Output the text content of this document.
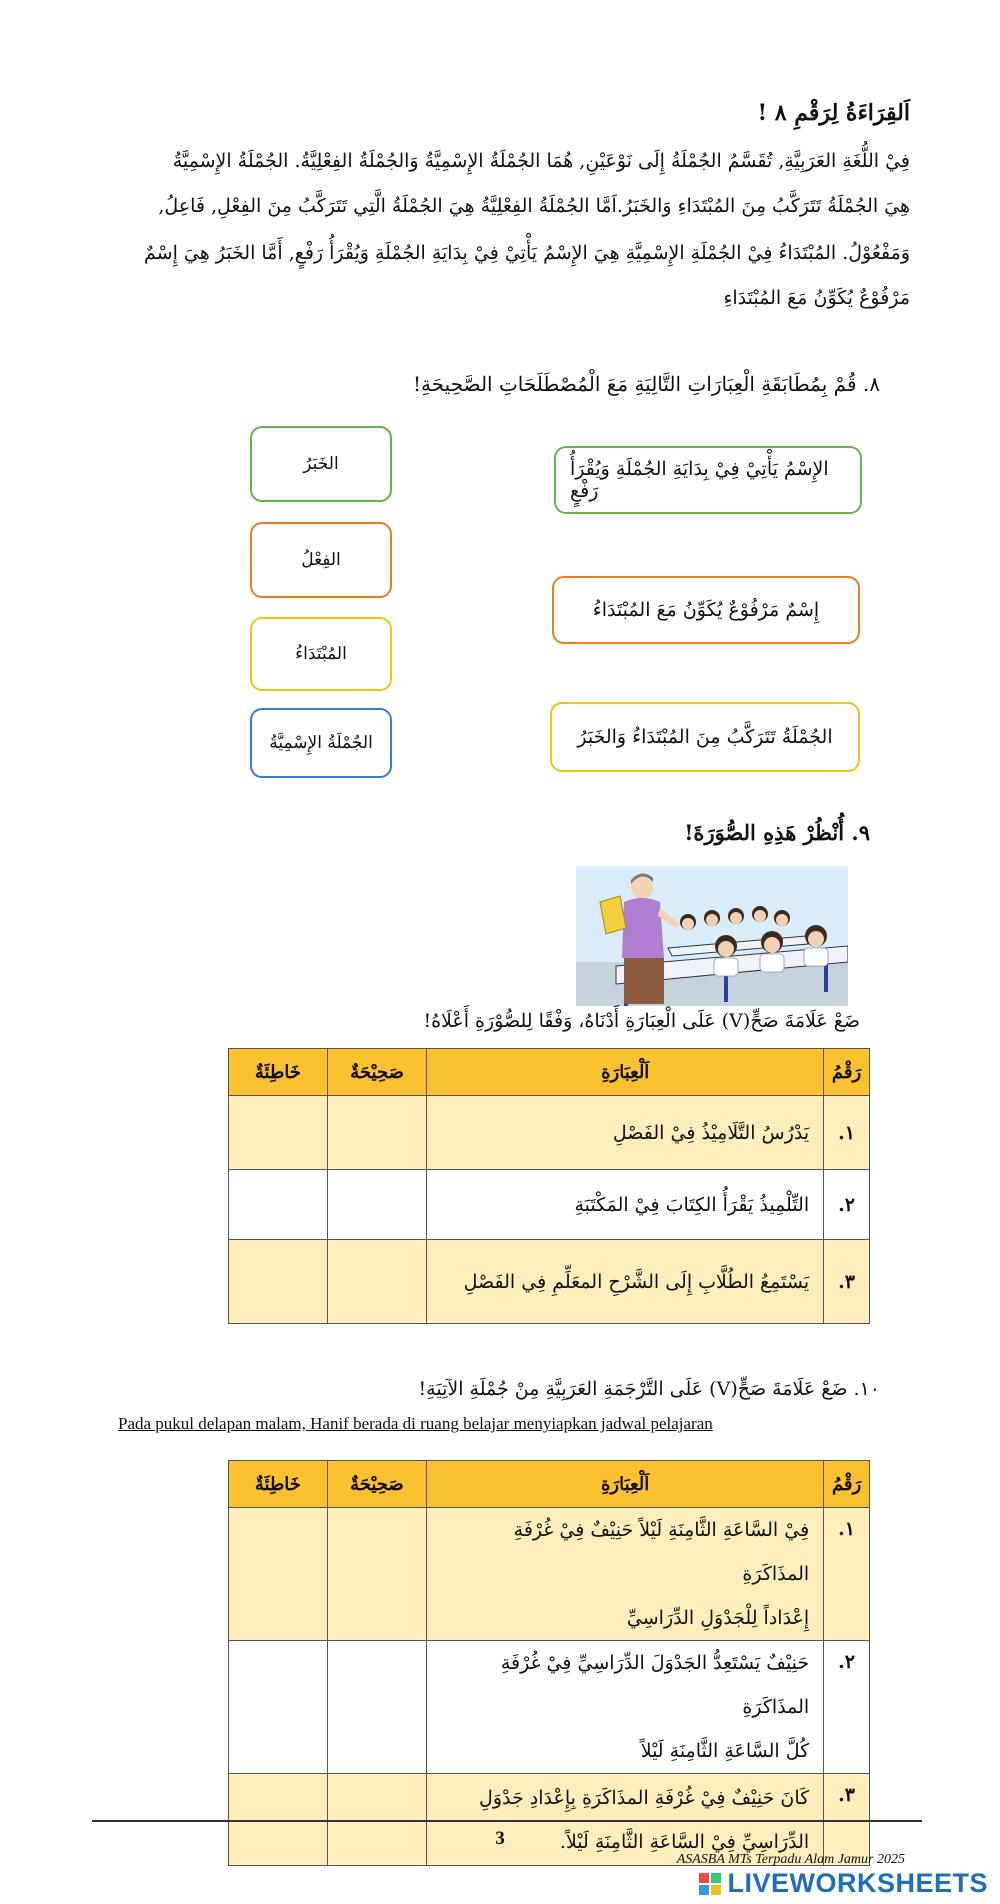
اَلقِرَاءَةُ لِرَقْمِ ٨ !
فِيْ اللُّغَةِ العَرَبِيَّةِ, تُقَسَّمُ الجُمْلَةُ إِلَى نَوْعَيْنِ, هُمَا الجُمْلَةُ الإِسْمِيَّةُ وَالجُمْلَةُ الفِعْلِيَّةُ. الجُمْلَةُ الإِسْمِيَّةُ
هِيَ الجُمْلَةُ تَتَرَكَّبُ مِنَ المُبْتَدَاءِ وَالخَبَرُ.اَمَّا الجُمْلَةُ الفِعْلِيَّةُ هِيَ الجُمْلَةُ الَّتِي تَتَرَكَّبُ مِنَ الفِعْلِ, فَاعِلُ,
وَمَفْعُوْلُ. المُبْتَدَاءُ فِيْ الجُمْلَةِ الإِسْمِيَّةِ هِيَ الإِسْمُ يَأْتِيْ فِيْ بِدَايَةِ الجُمْلَةِ وَيُقْرَأُ رَفْعٍ, أَمَّا الخَبَرُ هِيَ إِسْمٌ
مَرْفُوْعٌ يُكَوِّنُ مَعَ المُبْتَدَاءِ
٨. قُمْ بِمُطَابَقَةِ الْعِبَارَاتِ التَّالِيَةِ مَعَ الْمُصْطَلَحَاتِ الصَّحِيحَةِ!
الخَبَرُ
الفِعْلُ
المُبْتَدَاءُ
الجُمْلَةُ الإِسْمِيَّةُ
الإِسْمُ يَأْتِيْ فِيْ بِدَايَةِ الجُمْلَةِ وَيُقْرَأُ رَفْعٍ
إِسْمٌ مَرْفُوْعٌ يُكَوِّنُ مَعَ المُبْتَدَاءُ
الجُمْلَةُ تَتَرَكَّبُ مِنَ المُبْتَدَاءُ وَالخَبَرُ
٩. أُنْظُرْ هَذِهِ الصُّوَرَةَ!
ضَعْ عَلَامَةَ صَحٍّ(V) عَلَى الْعِبَارَةِ أَدْنَاهُ، وَفْقًا لِلصُّوْرَةِ أَعْلَاهُ!
رَقْمُ	اَلْعِبَارَةِ	صَحِيْحَةٌ	خَاطِئَةٌ
١.	يَدْرُسُ التَّلَامِيْذُ فِيْ الفَصْلِ		
٢.	التِّلْمِيذُ يَقْرَأُ الكِتَابَ فِيْ المَكْتَبَةِ		
٣.	يَسْتَمِعُ الطُلَّابِ إِلَى الشَّرْحِ المعَلِّمِ فِي الفَصْلِ		
١٠. ضَعْ عَلَامَةَ صَحٍّ(V) عَلَى التَّرْجَمَةِ العَرَبِيَّةِ مِنْ جُمْلَةِ الآتِيَةِ!
Pada pukul delapan malam, Hanif berada di ruang belajar menyiapkan jadwal pelajaran
رَقْمُ	اَلْعِبَارَةِ	صَحِيْحَةٌ	خَاطِئَةٌ
١.	فِيْ السَّاعَةِ الثَّامِنَةِ لَيْلاً حَنِيْفٌ فِيْ غُرْفَةِ المذَاكَرَةِ
إِعْدَاداً لِلْجَدْوَلِ الدِّرَاسِيِّ		

٢.	حَنِيْفٌ يَسْتَعِدُّ الجَدْوَلَ الدِّرَاسِيِّ فِيْ غُرْفَةِ المذَاكَرَةِ
كُلَّ السَّاعَةِ الثَّامِنَةِ لَيْلاً		

٣.	كَانَ حَنِيْفٌ فِيْ غُرْفَةِ المذَاكَرَةِ بِإِعْدَادِ جَدْوَلِ
الدِّرَاسِيِّ فِيْ السَّاعَةِ الثَّامِنَةِ لَيْلاً.		

3
ASASBA MTs Terpadu Alam Jamur 2025
LIVEWORKSHEETS
